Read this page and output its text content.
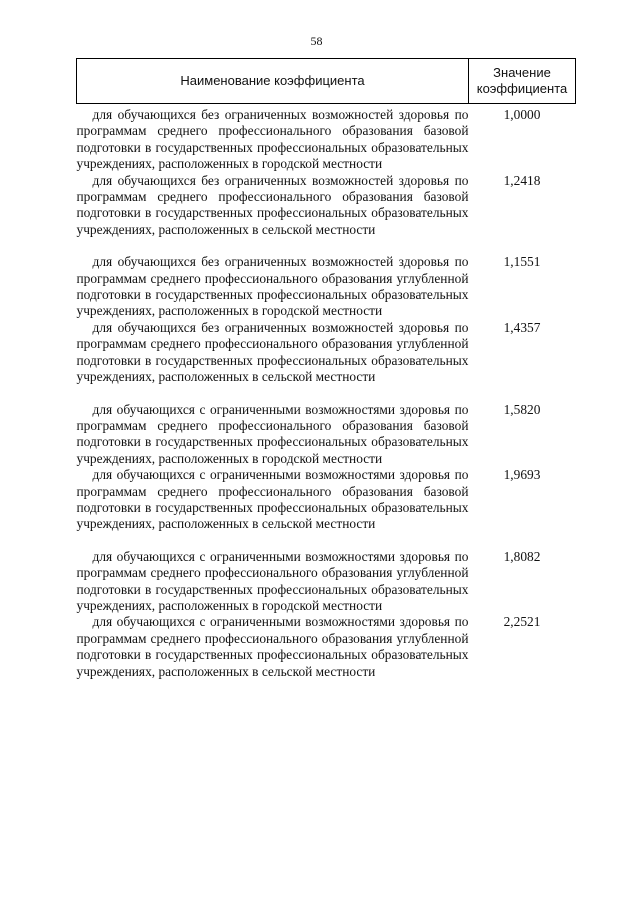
58
Наименование коэффициента	Значение коэффициента
для обучающихся без ограниченных возможностей здоровья по программам среднего профессионального образования базовой подготовки в государственных профессиональных образовательных учреждениях, расположенных в городской местности	1,0000
для обучающихся без ограниченных возможностей здоровья по программам среднего профессионального образования базовой подготовки в государственных профессиональных образовательных учреждениях, расположенных в сельской местности	1,2418
для обучающихся без ограниченных возможностей здоровья по программам среднего профессионального образования углубленной подготовки в государственных профессиональных образовательных учреждениях, расположенных в городской местности	1,1551
для обучающихся без ограниченных возможностей здоровья по программам среднего профессионального образования углубленной подготовки в государственных профессиональных образовательных учреждениях, расположенных в сельской местности	1,4357
для обучающихся с ограниченными возможностями здоровья по программам среднего профессионального образования базовой подготовки в государственных профессиональных образовательных учреждениях, расположенных в городской местности	1,5820
для обучающихся с ограниченными возможностями здоровья по программам среднего профессионального образования базовой подготовки в государственных профессиональных образовательных учреждениях, расположенных в сельской местности	1,9693
для обучающихся с ограниченными возможностями здоровья по программам среднего профессионального образования углубленной подготовки в государственных профессиональных образовательных учреждениях, расположенных в городской местности	1,8082
для обучающихся с ограниченными возможностями здоровья по программам среднего профессионального образования углубленной подготовки в государственных профессиональных образовательных учреждениях, расположенных в сельской местности	2,2521
